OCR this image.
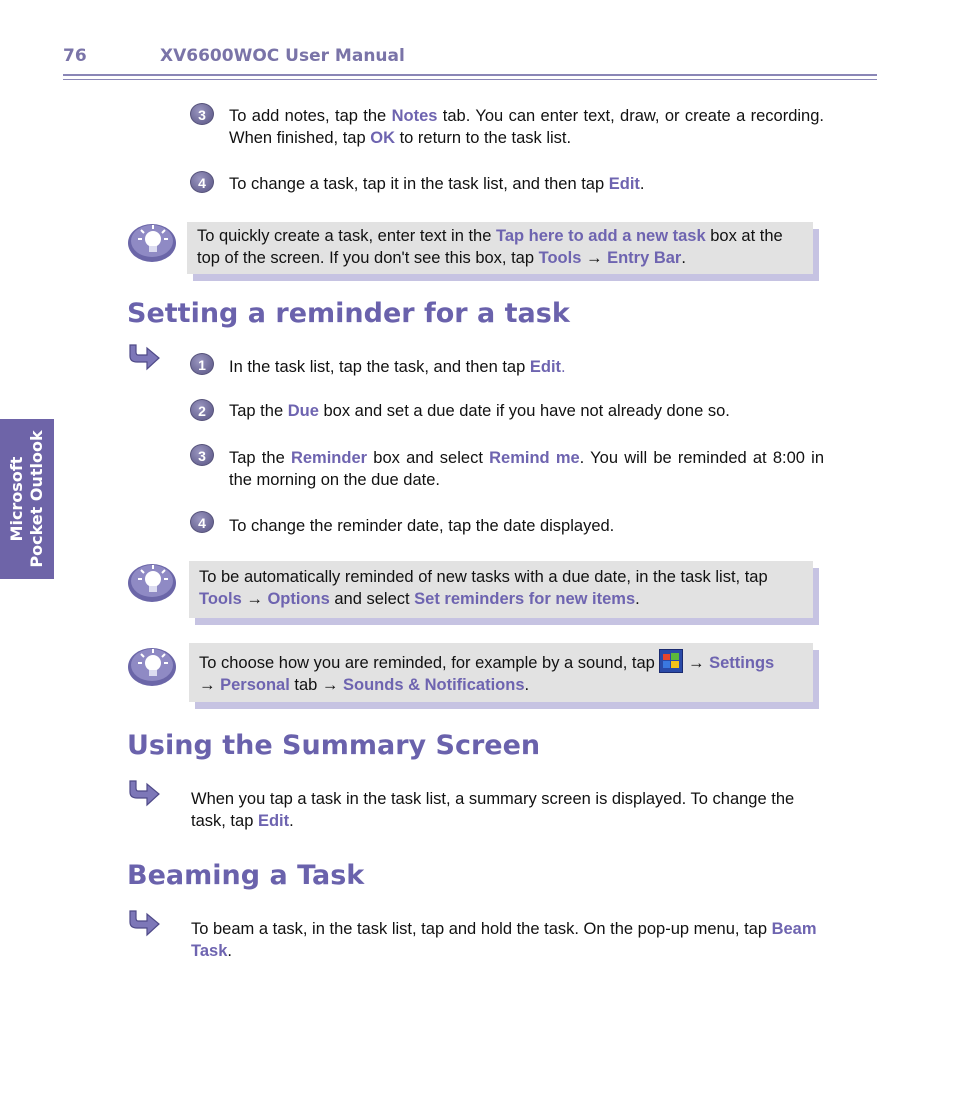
76	XV6600WOC User Manual
Microsoft
Pocket Outlook
3	To add notes, tap the Notes tab. You can enter text, draw, or create a recording. When finished, tap OK to return to the task list.
4	To change a task, tap it in the task list, and then tap Edit.
To quickly create a task, enter text in the Tap here to add a new task box at the top of the screen. If you don't see this box, tap Tools → Entry Bar.
Setting a reminder for a task
1	In the task list, tap the task, and then tap Edit.
2	Tap the Due box and set a due date if you have not already done so.
3	Tap the Reminder box and select Remind me. You will be reminded at 8:00 in the morning on the due date.
4	To change the reminder date, tap the date displayed.
To be automatically reminded of new tasks with a due date, in the task list, tap Tools → Options and select Set reminders for new items.
To choose how you are reminded, for example by a sound, tap
→ Settings
→ Personal tab → Sounds & Notifications.
Using the Summary Screen
When you tap a task in the task list, a summary screen is displayed. To change the task, tap Edit.
Beaming a Task
To beam a task, in the task list, tap and hold the task. On the pop-up menu, tap Beam Task.
